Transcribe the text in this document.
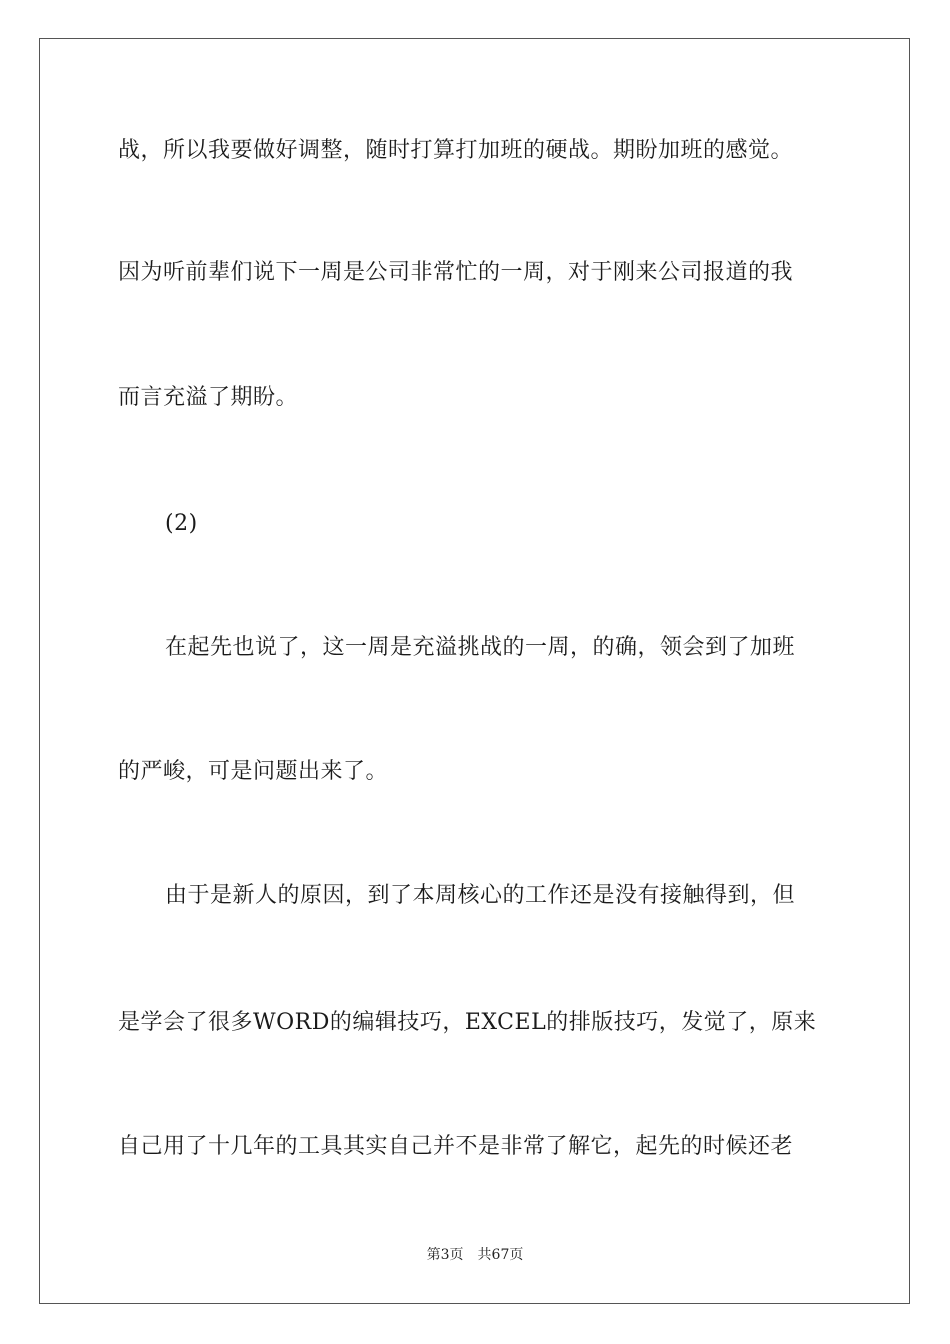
战，所以我要做好调整，随时打算打加班的硬战。期盼加班的感觉。
因为听前辈们说下一周是公司非常忙的一周，对于刚来公司报道的我
而言充溢了期盼。
(2)
在起先也说了，这一周是充溢挑战的一周，的确，领会到了加班
的严峻，可是问题出来了。
由于是新人的原因，到了本周核心的工作还是没有接触得到，但
是学会了很多WORD的编辑技巧，EXCEL的排版技巧，发觉了，原来
自己用了十几年的工具其实自己并不是非常了解它，起先的时候还老
第3页 共67页
